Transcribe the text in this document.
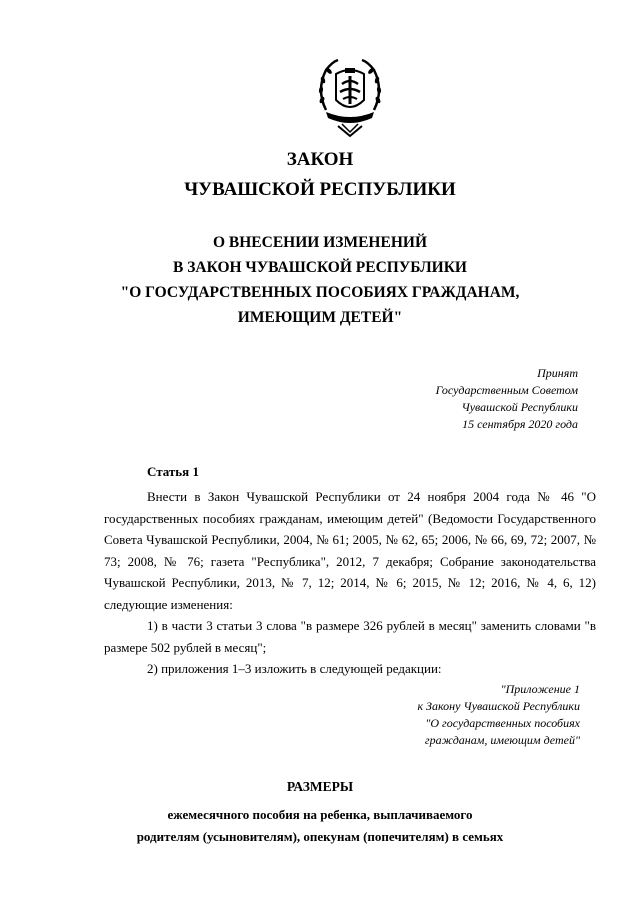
ЗАКОН
ЧУВАШСКОЙ РЕСПУБЛИКИ
О ВНЕСЕНИИ ИЗМЕНЕНИЙ
В ЗАКОН ЧУВАШСКОЙ РЕСПУБЛИКИ
"О ГОСУДАРСТВЕННЫХ ПОСОБИЯХ ГРАЖДАНАМ,
ИМЕЮЩИМ ДЕТЕЙ"
Принят
Государственным Советом
Чувашской Республики
15 сентября 2020 года
Статья 1

Внести в Закон Чувашской Республики от 24 ноября 2004 года № 46 "О государственных пособиях гражданам, имеющим детей" (Ведомости Государственного Совета Чувашской Республики, 2004, № 61; 2005, № 62, 65; 2006, № 66, 69, 72; 2007, № 73; 2008, № 76; газета "Республика", 2012, 7 декабря; Собрание законодательства Чувашской Республики, 2013, № 7, 12; 2014, № 6; 2015, № 12; 2016, № 4, 6, 12) следующие изменения:

1) в части 3 статьи 3 слова "в размере 326 рублей в месяц" заменить словами "в размере 502 рублей в месяц";

2) приложения 1–3 изложить в следующей редакции:

"Приложение 1
к Закону Чувашской Республики
"О государственных пособиях
гражданам, имеющим детей"
РАЗМЕРЫ
ежемесячного пособия на ребенка, выплачиваемого
родителям (усыновителям), опекунам (попечителям) в семьях
